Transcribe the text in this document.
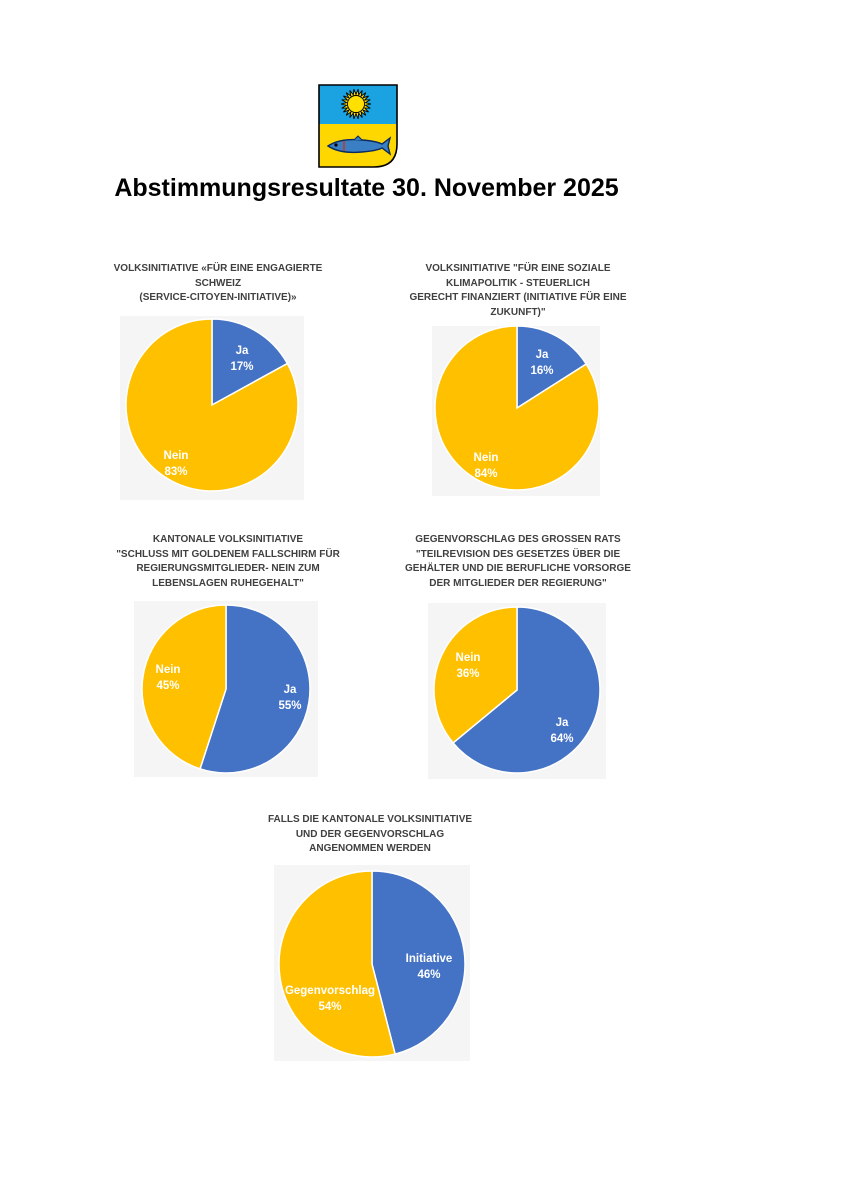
Abstimmungsresultate 30. November 2025
VOLKSINITIATIVE «FÜR EINE ENGAGIERTE
SCHWEIZ
(SERVICE-CITOYEN-INITIATIVE)»
Ja
17%
Nein
83%
VOLKSINITIATIVE "FÜR EINE SOZIALE
KLIMAPOLITIK - STEUERLICH
GERECHT FINANZIERT (INITIATIVE FÜR EINE
ZUKUNFT)"
Ja
16%
Nein
84%
KANTONALE VOLKSINITIATIVE
"SCHLUSS MIT GOLDENEM FALLSCHIRM FÜR
REGIERUNGSMITGLIEDER- NEIN ZUM
LEBENSLAGEN RUHEGEHALT"
Ja
55%
Nein
45%
GEGENVORSCHLAG DES GROSSEN RATS
"TEILREVISION DES GESETZES ÜBER DIE
GEHÄLTER UND DIE BERUFLICHE VORSORGE
DER MITGLIEDER DER REGIERUNG"
Ja
64%
Nein
36%
FALLS DIE KANTONALE VOLKSINITIATIVE
UND DER GEGENVORSCHLAG
ANGENOMMEN WERDEN
Initiative
46%
Gegenvorschlag
54%
